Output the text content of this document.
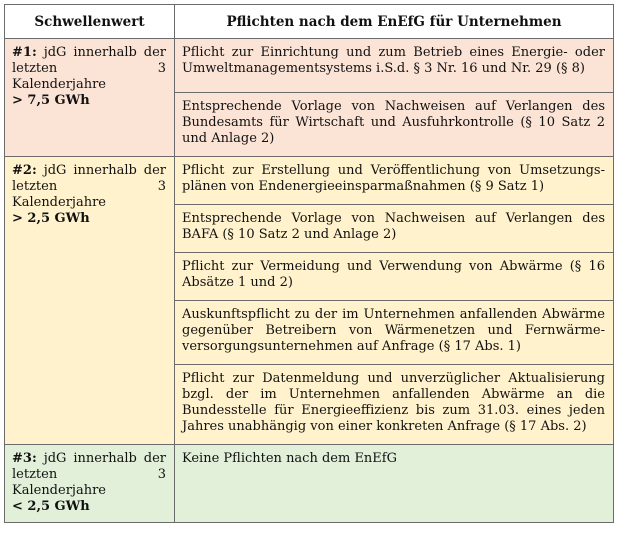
Schwellenwert	Pflichten nach dem EnEfG für Unternehmen
#1: jdG innerhalb der letzten 3 Kalenderjahre
> 7,5 GWh	Pflicht zur Einrichtung und zum Betrieb eines Energie- oder Umweltmanagementsystems i.S.d. § 3 Nr. 16 und Nr. 29 (§ 8)
	Entsprechende Vorlage von Nachweisen auf Verlangen des Bundesamts für Wirtschaft und Ausfuhrkontrolle (§ 10 Satz 2 und Anlage 2)
#2: jdG innerhalb der letzten 3 Kalenderjahre
> 2,5 GWh	Pflicht zur Erstellung und Veröffentlichung von Umsetzungsplänen von Endenergieeinsparmaßnahmen (§ 9 Satz 1)
	Entsprechende Vorlage von Nachweisen auf Verlangen des BAFA (§ 10 Satz 2 und Anlage 2)
	Pflicht zur Vermeidung und Verwendung von Abwärme (§ 16 Absätze 1 und 2)
	Auskunftspflicht zu der im Unternehmen anfallenden Abwärme gegenüber Betreibern von Wärmenetzen und Fernwärmeversorgungsunternehmen auf Anfrage (§ 17 Abs. 1)
	Pflicht zur Datenmeldung und unverzüglicher Aktualisierung bzgl. der im Unternehmen anfallenden Abwärme an die Bundesstelle für Energieeffizienz bis zum 31.03. eines jeden Jahres unabhängig von einer konkreten Anfrage (§ 17 Abs. 2)
#3: jdG innerhalb der letzten 3 Kalenderjahre
< 2,5 GWh	Keine Pflichten nach dem EnEfG
